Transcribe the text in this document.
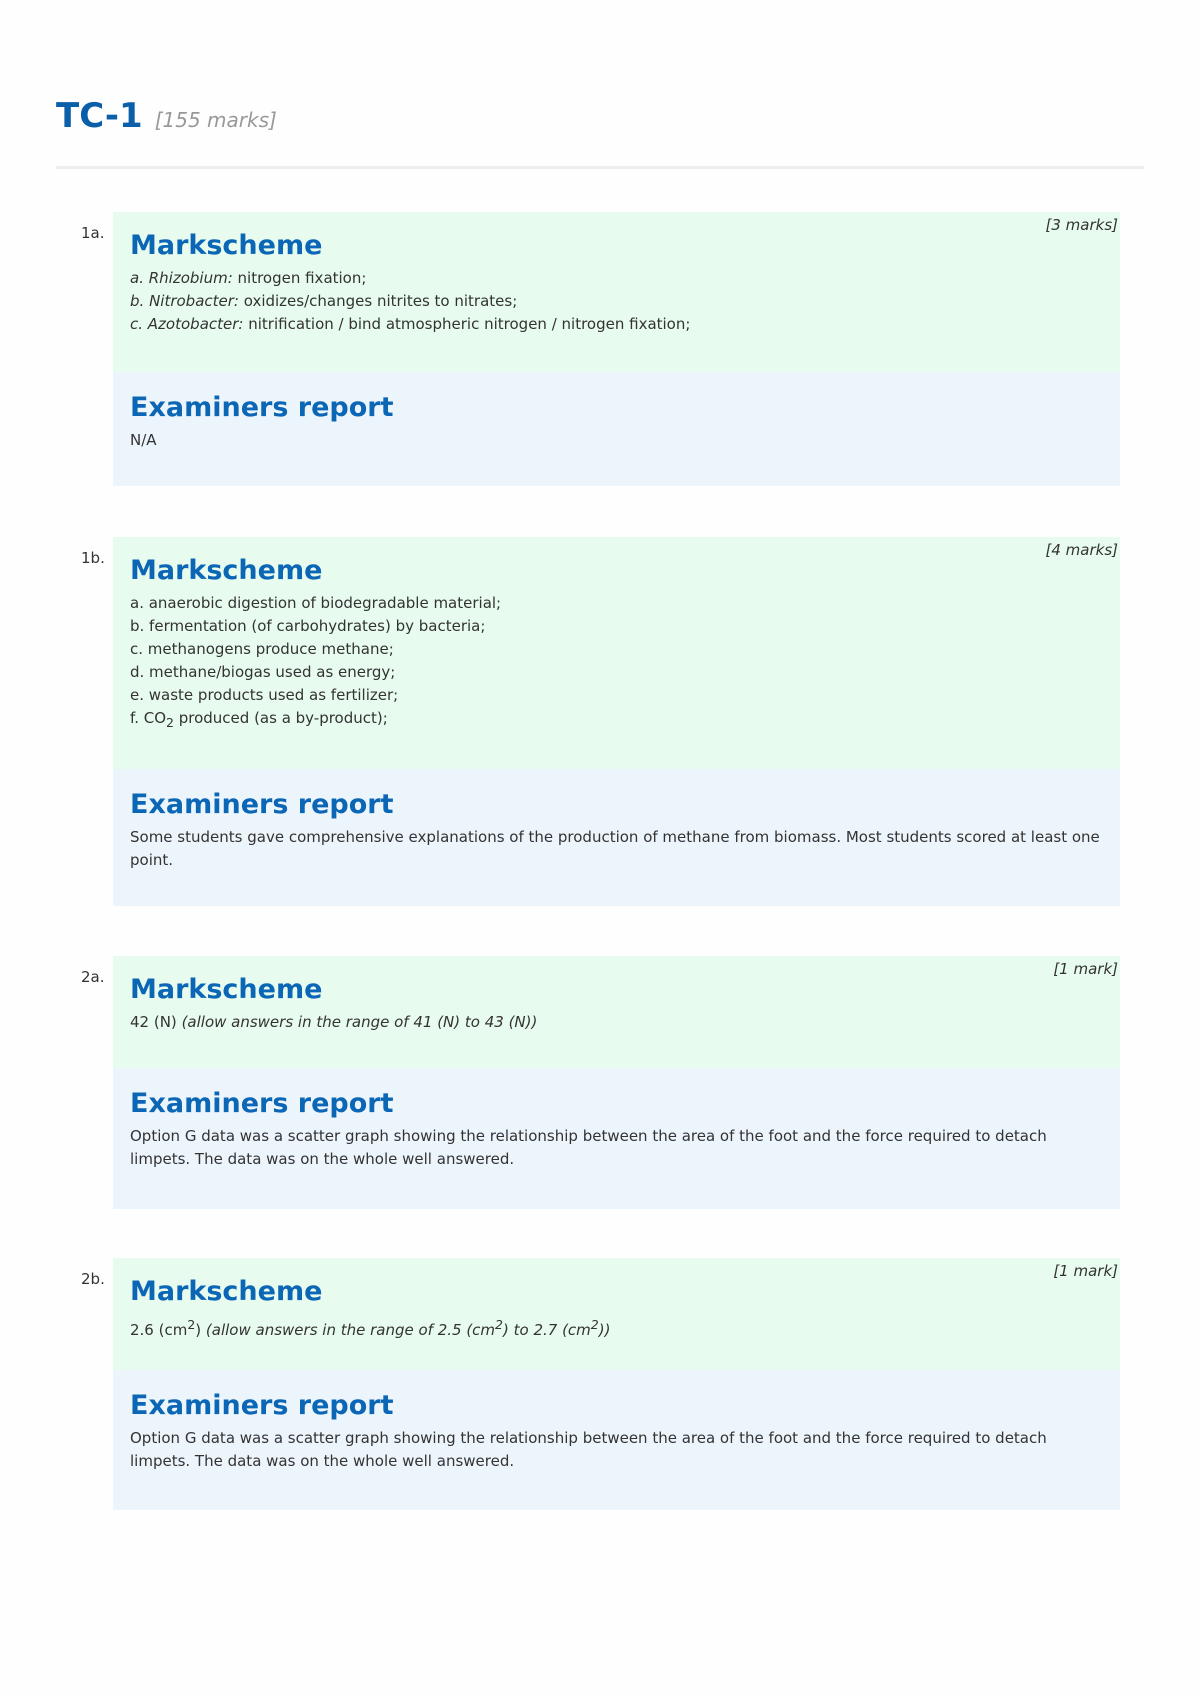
TC-1 [155 marks]
1a.	[3 marks]
Markscheme
a. Rhizobium: nitrogen fixation;
b. Nitrobacter: oxidizes/changes nitrites to nitrates;
c. Azotobacter: nitrification / bind atmospheric nitrogen / nitrogen fixation;
Examiners report
N/A
1b.	[4 marks]
Markscheme
a. anaerobic digestion of biodegradable material;
b. fermentation (of carbohydrates) by bacteria;
c. methanogens produce methane;
d. methane/biogas used as energy;
e. waste products used as fertilizer;
f. $CO_2$ produced (as a by-product);
Examiners report
Some students gave comprehensive explanations of the production of methane from biomass. Most students scored at least one point.
2a.	[1 mark]
Markscheme
42 (N) (allow answers in the range of 41 (N) to 43 (N))
Examiners report
Option G data was a scatter graph showing the relationship between the area of the foot and the force required to detach limpets. The data was on the whole well answered.
2b.	[1 mark]
Markscheme
2.6 $(cm^2)$ (allow answers in the range of 2.5 $(cm^2)$ to 2.7 $(cm^2)$)
Examiners report
Option G data was a scatter graph showing the relationship between the area of the foot and the force required to detach limpets. The data was on the whole well answered.
